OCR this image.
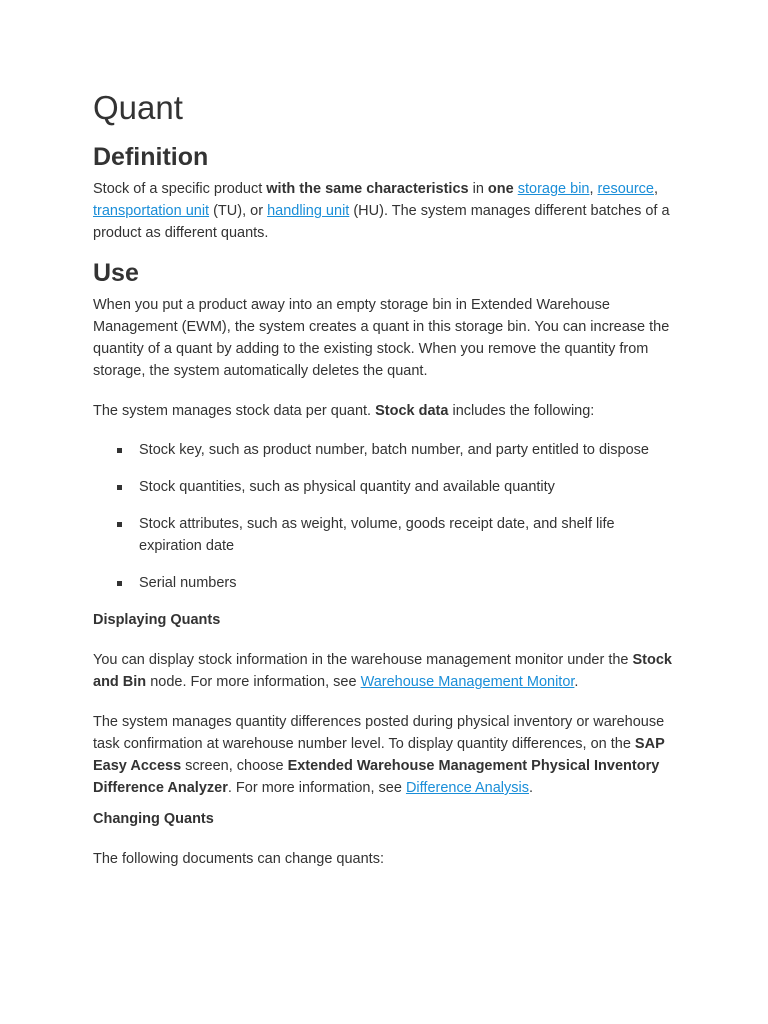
Quant
Definition

Stock of a specific product with the same characteristics in one storage bin, resource, transportation unit (TU), or handling unit (HU). The system manages different batches of a product as different quants.

Use

When you put a product away into an empty storage bin in Extended Warehouse Management (EWM), the system creates a quant in this storage bin. You can increase the quantity of a quant by adding to the existing stock. When you remove the quantity from storage, the system automatically deletes the quant.

The system manages stock data per quant. Stock data includes the following:

Stock key, such as product number, batch number, and party entitled to dispose
Stock quantities, such as physical quantity and available quantity
Stock attributes, such as weight, volume, goods receipt date, and shelf life expiration date
Serial numbers
Displaying Quants

You can display stock information in the warehouse management monitor under the Stock and Bin node. For more information, see Warehouse Management Monitor.

The system manages quantity differences posted during physical inventory or warehouse task confirmation at warehouse number level. To display quantity differences, on the SAP Easy Access screen, choose Extended Warehouse Management Physical Inventory Difference Analyzer. For more information, see Difference Analysis.

Changing Quants

The following documents can change quants:
